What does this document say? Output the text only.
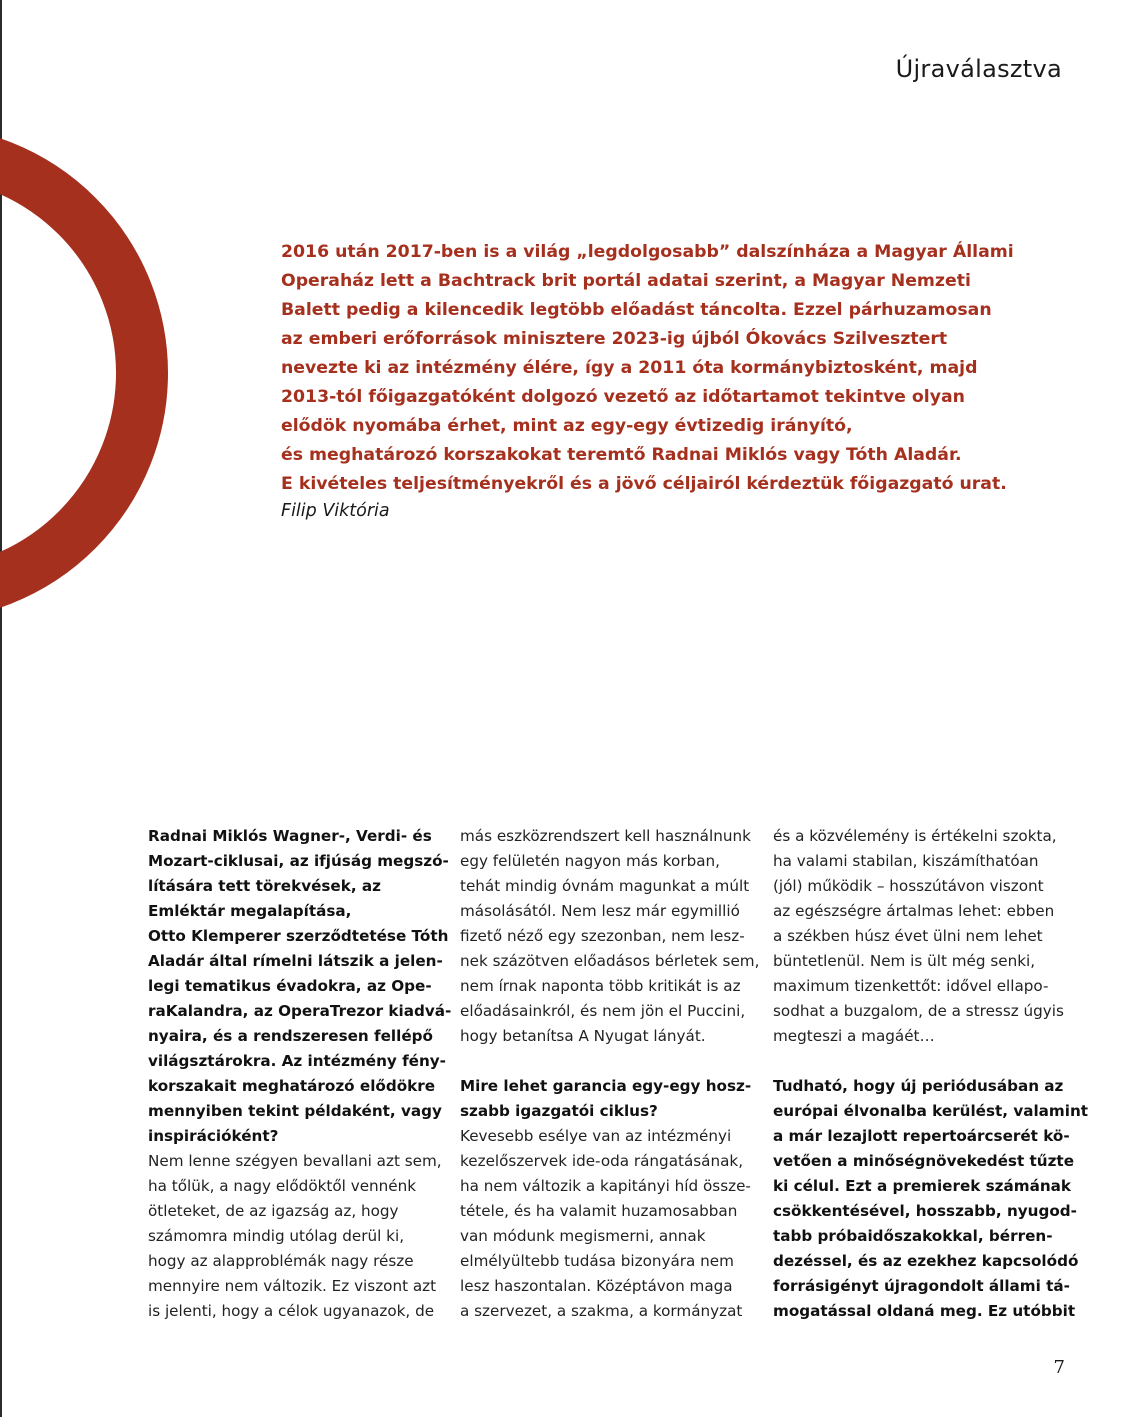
Újraválasztva
2016 után 2017-ben is a világ „legdolgosabb” dalszínháza a Magyar Állami
Operaház lett a Bachtrack brit portál adatai szerint, a Magyar Nemzeti
Balett pedig a kilencedik legtöbb előadást táncolta. Ezzel párhuzamosan
az emberi erőforrások minisztere 2023-ig újból Ókovács Szilvesztert
nevezte ki az intézmény élére, így a 2011 óta kormánybiztosként, majd
2013-tól főigazgatóként dolgozó vezető az időtartamot tekintve olyan
elődök nyomába érhet, mint az egy-egy évtizedig irányító,
és meghatározó korszakokat teremtő Radnai Miklós vagy Tóth Aladár.
E kivételes teljesítményekről és a jövő céljairól kérdeztük főigazgató urat.
Filip Viktória
Radnai Miklós Wagner-, Verdi- és
Mozart-ciklusai, az ifjúság megszó-
lítására tett törekvések, az
Emléktár megalapítása,
Otto Klemperer szerződtetése Tóth
Aladár által rímelni látszik a jelen-
legi tematikus évadokra, az Ope-
raKalandra, az OperaTrezor kiadvá-
nyaira, és a rendszeresen fellépő
világsztárokra. Az intézmény fény-
korszakait meghatározó elődökre
mennyiben tekint példaként, vagy
inspirációként?
Nem lenne szégyen bevallani azt sem,
ha tőlük, a nagy elődöktől vennénk
ötleteket, de az igazság az, hogy
számomra mindig utólag derül ki,
hogy az alapproblémák nagy része
mennyire nem változik. Ez viszont azt
is jelenti, hogy a célok ugyanazok, de
más eszközrendszert kell használnunk
egy felületén nagyon más korban,
tehát mindig óvnám magunkat a múlt
másolásától. Nem lesz már egymillió
fizető néző egy szezonban, nem lesz-
nek százötven előadásos bérletek sem,
nem írnak naponta több kritikát is az
előadásainkról, és nem jön el Puccini,
hogy betanítsa A Nyugat lányát.
Mire lehet garancia egy-egy hosz-
szabb igazgatói ciklus?
Kevesebb esélye van az intézményi
kezelőszervek ide-oda rángatásának,
ha nem változik a kapitányi híd össze-
tétele, és ha valamit huzamosabban
van módunk megismerni, annak
elmélyültebb tudása bizonyára nem
lesz haszontalan. Középtávon maga
a szervezet, a szakma, a kormányzat
és a közvélemény is értékelni szokta,
ha valami stabilan, kiszámíthatóan
(jól) működik – hosszútávon viszont
az egészségre ártalmas lehet: ebben
a székben húsz évet ülni nem lehet
büntetlenül. Nem is ült még senki,
maximum tizenkettőt: idővel ellapo-
sodhat a buzgalom, de a stressz úgyis
megteszi a magáét…
Tudható, hogy új periódusában az
európai élvonalba kerülést, valamint
a már lezajlott repertoárcserét kö-
vetően a minőségnövekedést tűzte
ki célul. Ezt a premierek számának
csökkentésével, hosszabb, nyugod-
tabb próbaidőszakokkal, bérren-
dezéssel, és az ezekhez kapcsolódó
forrásigényt újragondolt állami tá-
mogatással oldaná meg. Ez utóbbit
7
